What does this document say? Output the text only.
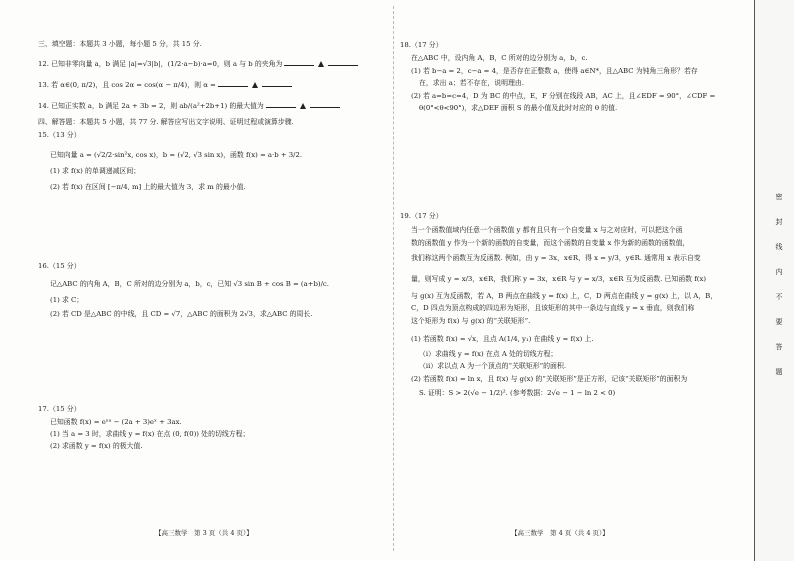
三、填空题：本题共 3 小题，每小题 5 分，共 15 分.
12. 已知非零向量 a，b 满足 |a|=√3|b|，(1/2·a−b)·a=0，则 a 与 b 的夹角为
13. 若 α∈(0, π/2)，且 cos 2α = cos(α − π/4)，则 α =
14. 已知正实数 a，b 满足 2a + 3b = 2，则 ab/(a²+2b+1) 的最大值为
四、解答题：本题共 5 小题，共 77 分. 解答应写出文字说明、证明过程或演算步骤.
15.（13 分）
已知向量 a = (√2/2·sin²x, cos x)，b = (√2, √3 sin x)，函数 f(x) = a·b + 3/2.
(1) 求 f(x) 的单调递减区间；
(2) 若 f(x) 在区间 [−π/4, m] 上的最大值为 3，求 m 的最小值.
16.（15 分）
记△ABC 的内角 A，B，C 所对的边分别为 a，b，c，已知 √3 sin B + cos B = (a+b)/c.
(1) 求 C；
(2) 若 CD 是△ABC 的中线，且 CD = √7，△ABC 的面积为 2√3，求△ABC 的周长.
17.（15 分）
已知函数 f(x) = eˣᵃ − (2a + 3)eˣ + 3ax.
(1) 当 a = 3 时，求曲线 y = f(x) 在点 (0, f(0)) 处的切线方程；
(2) 求函数 y = f(x) 的极大值.
【高三数学　第 3 页（共 4 页）】
18.（17 分）
在△ABC 中，设内角 A，B，C 所对的边分别为 a，b，c.
(1) 若 b−a = 2，c−a = 4，是否存在正整数 a，使得 a∈N*，且△ABC 为钝角三角形？若存
在，求出 a；若不存在，说明理由.
(2) 若 a=b=c=4，D 为 BC 的中点，E，F 分别在线段 AB，AC 上，且∠EDF = 90°，∠CDF =
θ(0°<θ<90°)，求△DEF 面积 S 的最小值及此时对应的 θ 的值.
19.（17 分）
当一个函数值域内任意一个函数值 y 都有且只有一个自变量 x 与之对应时，可以把这个函
数的函数值 y 作为一个新的函数的自变量，而这个函数的自变量 x 作为新的函数的函数值，
我们称这两个函数互为反函数. 例如，由 y = 3x，x∈R，得 x = y/3，y∈R. 通常用 x 表示自变
量，则写成 y = x/3，x∈R，我们称 y = 3x，x∈R 与 y = x/3，x∈R 互为反函数. 已知函数 f(x)
与 g(x) 互为反函数，若 A，B 两点在曲线 y = f(x) 上，C，D 两点在曲线 y = g(x) 上，以 A，B，
C，D 四点为顶点构成的四边形为矩形，且该矩形的其中一条边与直线 y = x 垂直，则我们称
这个矩形为 f(x) 与 g(x) 的“关联矩形”.
(1) 若函数 f(x) = √x，且点 A(1/4, y₁) 在曲线 y = f(x) 上.
（ⅰ）求曲线 y = f(x) 在点 A 处的切线方程；
（ⅱ）求以点 A 为一个顶点的“关联矩形”的面积.
(2) 若函数 f(x) = ln x，且 f(x) 与 g(x) 的“关联矩形”是正方形，记该“关联矩形”的面积为
S. 证明：S > 2(√e − 1/2)². (参考数据：2√e − 1 − ln 2 < 0)
【高三数学　第 4 页（共 4 页）】
密
封
线
内
不
要
答
题
